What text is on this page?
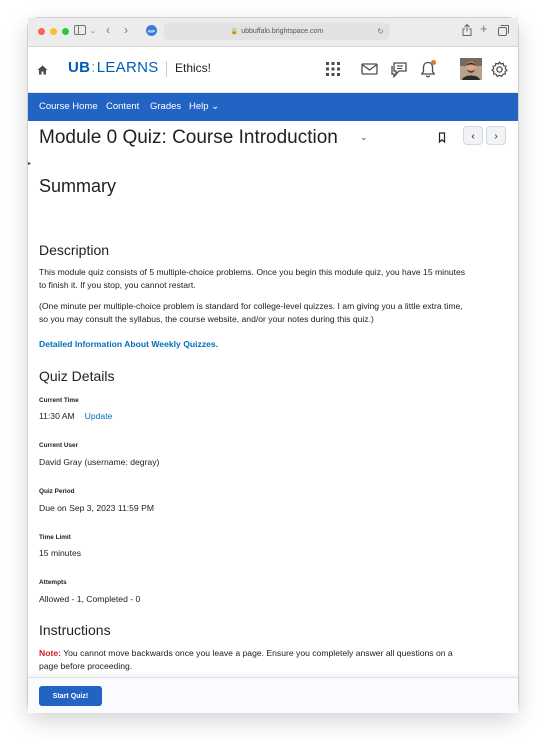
⌄ ‹ ›	ABP	🔒 ubbuffalo.brightspace.com	↻	+
UB:LEARNS Ethics!
Course Home Content Grades Help ⌄
▸
Module 0 Quiz: Course Introduction ⌄	‹	›
Summary
Description
This module quiz consists of 5 multiple-choice problems. Once you begin this module quiz, you have 15 minutes
to finish it. If you stop, you cannot restart.
(One minute per multiple-choice problem is standard for college-level quizzes. I am giving you a little extra time,
so you may consult the syllabus, the course website, and/or your notes during this quiz.)
Detailed Information About Weekly Quizzes.
Quiz Details
Current Time
11:30 AM Update
Current User
David Gray (username: degray)
Quiz Period
Due on Sep 3, 2023 11:59 PM
Time Limit
15 minutes
Attempts
Allowed - 1, Completed - 0
Instructions
Note: You cannot move backwards once you leave a page. Ensure you completely answer all questions on a
page before proceeding.
Start Quiz!
